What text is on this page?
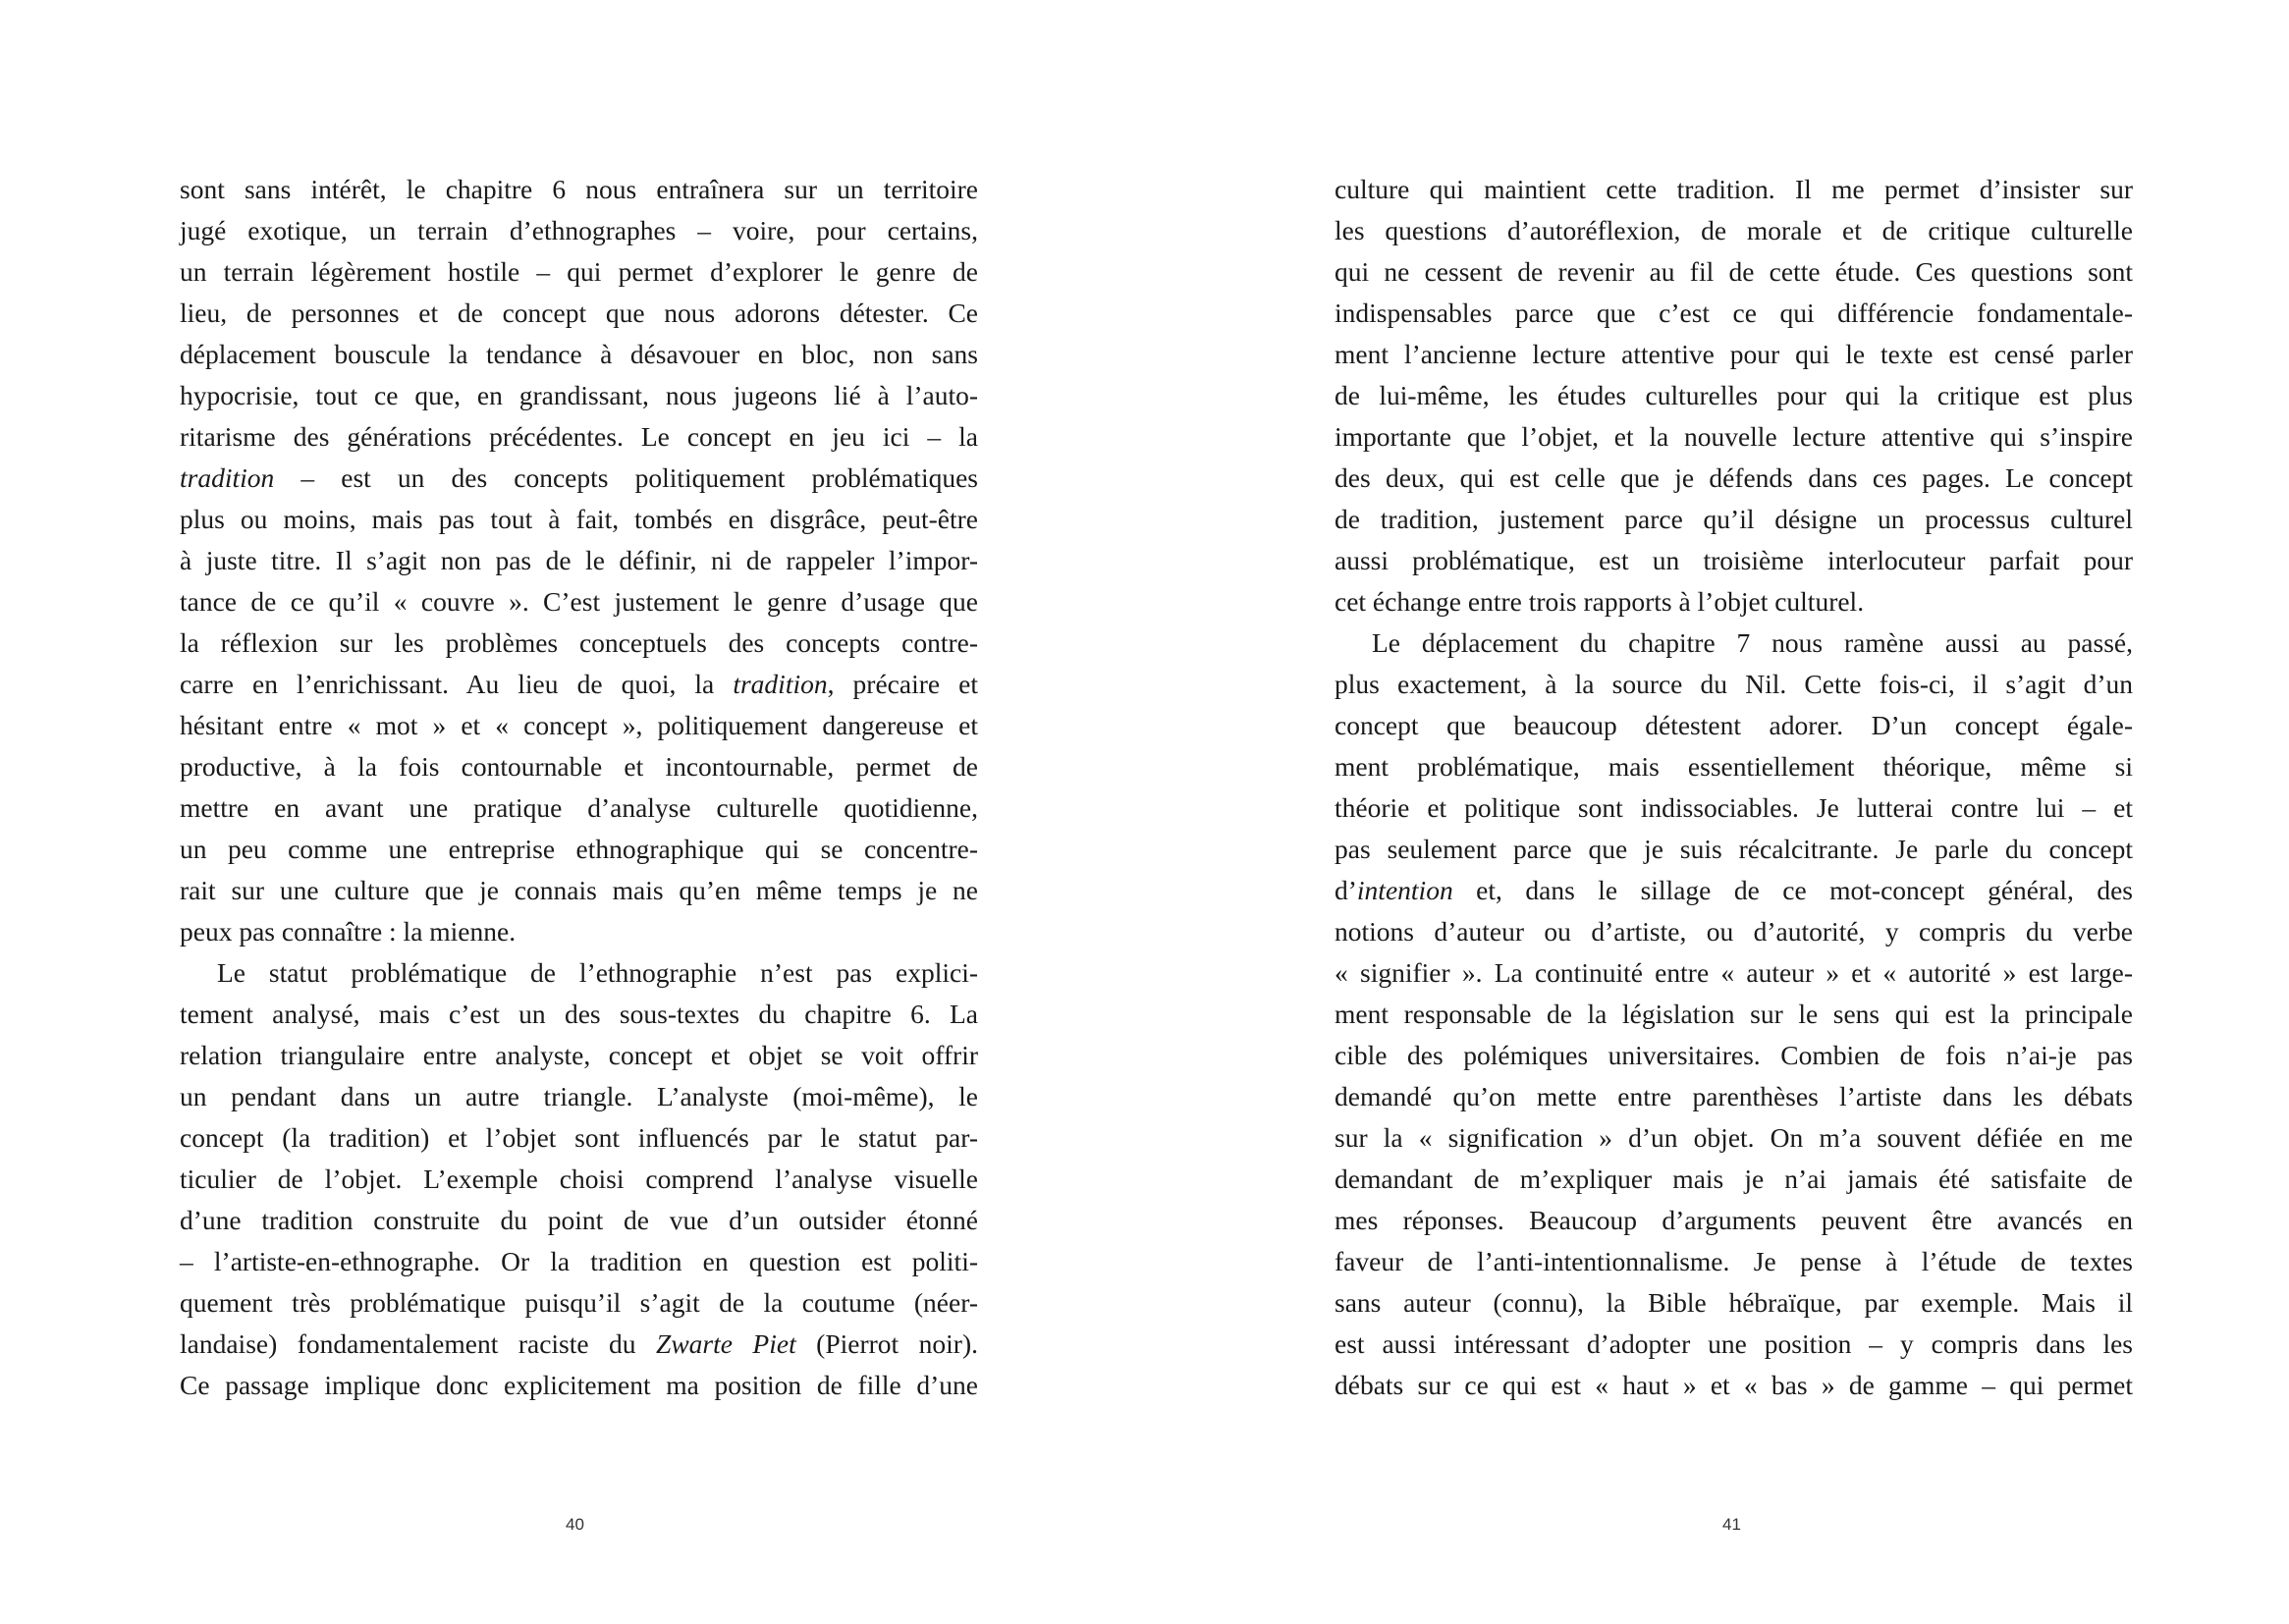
sont sans intérêt, le chapitre 6 nous entraînera sur un territoire
jugé exotique, un terrain d’ethnographes – voire, pour certains,
un terrain légèrement hostile – qui permet d’explorer le genre de
lieu, de personnes et de concept que nous adorons détester. Ce
déplacement bouscule la tendance à désavouer en bloc, non sans
hypocrisie, tout ce que, en grandissant, nous jugeons lié à l’auto-
ritarisme des générations précédentes. Le concept en jeu ici – la
tradition – est un des concepts politiquement problématiques
plus ou moins, mais pas tout à fait, tombés en disgrâce, peut-être
à juste titre. Il s’agit non pas de le définir, ni de rappeler l’impor-
tance de ce qu’il « couvre ». C’est justement le genre d’usage que
la réflexion sur les problèmes conceptuels des concepts contre-
carre en l’enrichissant. Au lieu de quoi, la tradition, précaire et
hésitant entre « mot » et « concept », politiquement dangereuse et
productive, à la fois contournable et incontournable, permet de
mettre en avant une pratique d’analyse culturelle quotidienne,
un peu comme une entreprise ethnographique qui se concentre-
rait sur une culture que je connais mais qu’en même temps je ne
peux pas connaître : la mienne.
Le statut problématique de l’ethnographie n’est pas explici-
tement analysé, mais c’est un des sous-textes du chapitre 6. La
relation triangulaire entre analyste, concept et objet se voit offrir
un pendant dans un autre triangle. L’analyste (moi-même), le
concept (la tradition) et l’objet sont influencés par le statut par-
ticulier de l’objet. L’exemple choisi comprend l’analyse visuelle
d’une tradition construite du point de vue d’un outsider étonné
– l’artiste-en-ethnographe. Or la tradition en question est politi-
quement très problématique puisqu’il s’agit de la coutume (néer-
landaise) fondamentalement raciste du Zwarte Piet (Pierrot noir).
Ce passage implique donc explicitement ma position de fille d’une
40
culture qui maintient cette tradition. Il me permet d’insister sur
les questions d’autoréflexion, de morale et de critique culturelle
qui ne cessent de revenir au fil de cette étude. Ces questions sont
indispensables parce que c’est ce qui différencie fondamentale-
ment l’ancienne lecture attentive pour qui le texte est censé parler
de lui-même, les études culturelles pour qui la critique est plus
importante que l’objet, et la nouvelle lecture attentive qui s’inspire
des deux, qui est celle que je défends dans ces pages. Le concept
de tradition, justement parce qu’il désigne un processus culturel
aussi problématique, est un troisième interlocuteur parfait pour
cet échange entre trois rapports à l’objet culturel.
Le déplacement du chapitre 7 nous ramène aussi au passé,
plus exactement, à la source du Nil. Cette fois-ci, il s’agit d’un
concept que beaucoup détestent adorer. D’un concept égale-
ment problématique, mais essentiellement théorique, même si
théorie et politique sont indissociables. Je lutterai contre lui – et
pas seulement parce que je suis récalcitrante. Je parle du concept
d’intention et, dans le sillage de ce mot-concept général, des
notions d’auteur ou d’artiste, ou d’autorité, y compris du verbe
« signifier ». La continuité entre « auteur » et « autorité » est large-
ment responsable de la législation sur le sens qui est la principale
cible des polémiques universitaires. Combien de fois n’ai-je pas
demandé qu’on mette entre parenthèses l’artiste dans les débats
sur la « signification » d’un objet. On m’a souvent défiée en me
demandant de m’expliquer mais je n’ai jamais été satisfaite de
mes réponses. Beaucoup d’arguments peuvent être avancés en
faveur de l’anti-intentionnalisme. Je pense à l’étude de textes
sans auteur (connu), la Bible hébraïque, par exemple. Mais il
est aussi intéressant d’adopter une position – y compris dans les
débats sur ce qui est « haut » et « bas » de gamme – qui permet
41
